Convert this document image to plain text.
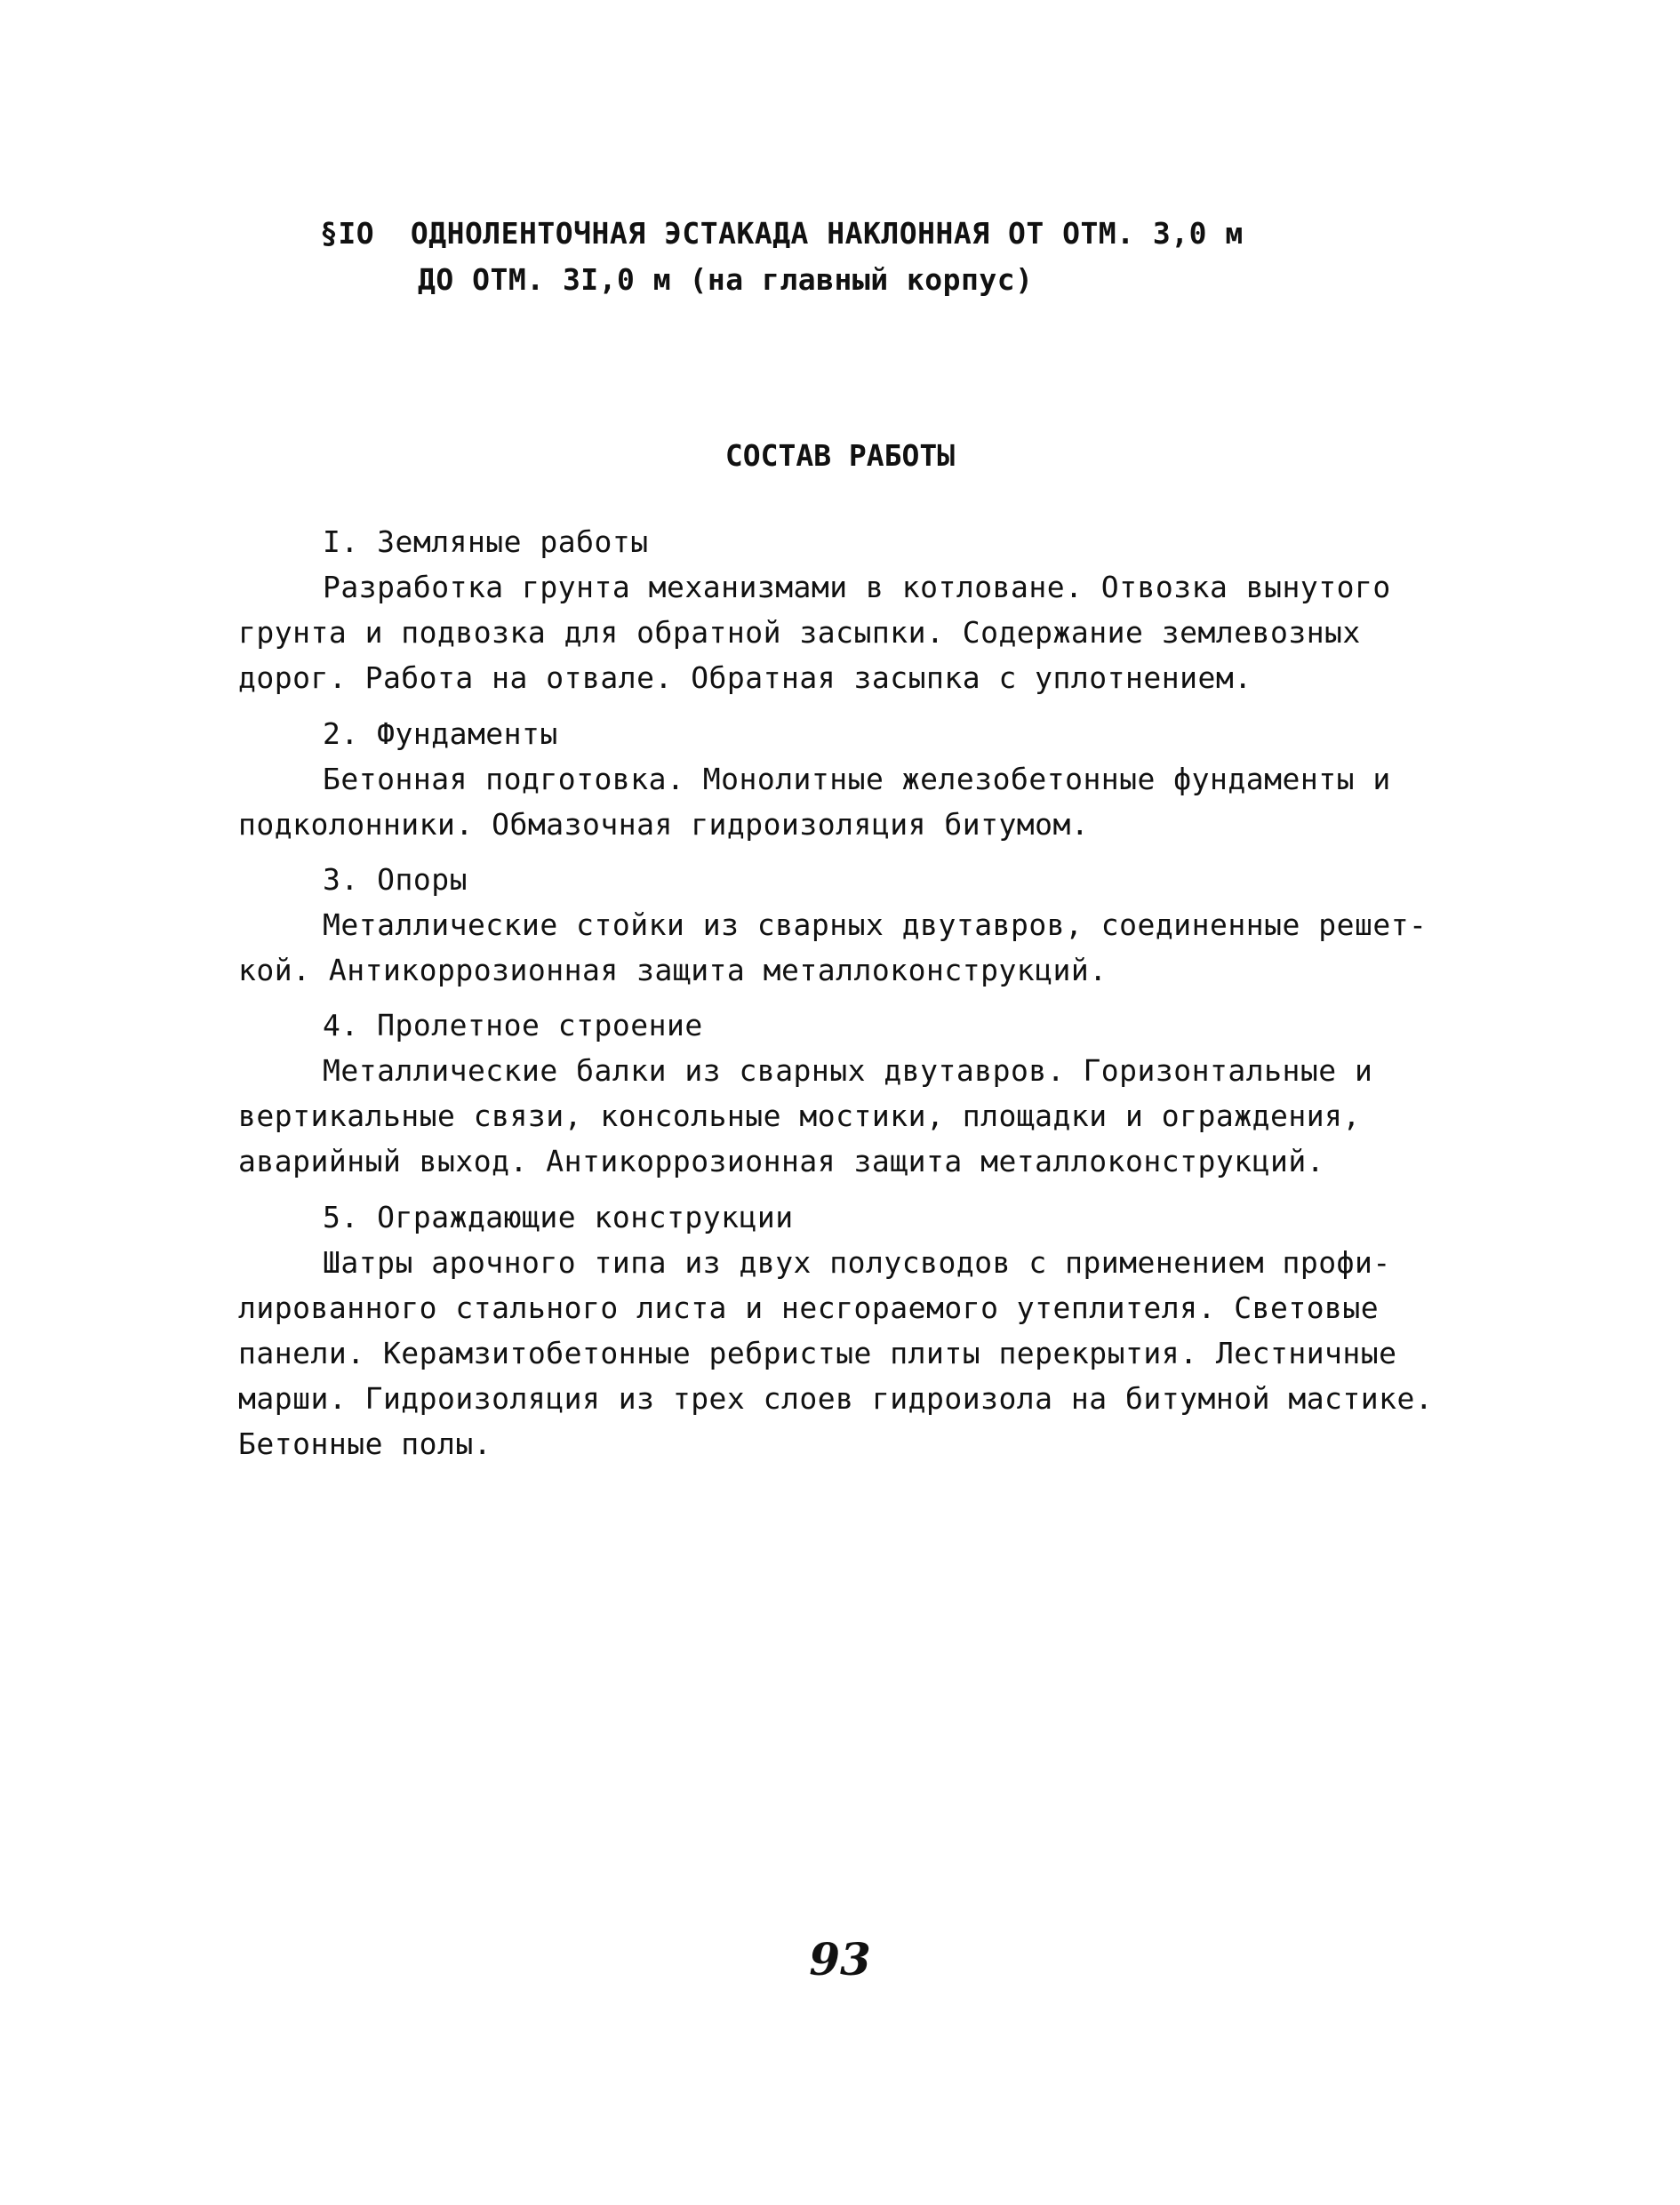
§IO  ОДНОЛЕНТОЧНАЯ ЭСТАКАДА НАКЛОННАЯ ОТ ОТМ. 3,0 м
ДО ОТМ. 3I,0 м (на главный корпус)
СОСТАВ РАБОТЫ
I. Земляные работы
Разработка грунта механизмами в котловане. Отвозка вынутого
грунта и подвозка для обратной засыпки. Содержание землевозных
дорог. Работа на отвале. Обратная засыпка с уплотнением.
2. Фундаменты
Бетонная подготовка. Монолитные железобетонные фундаменты и
подколонники. Обмазочная гидроизоляция битумом.
3. Опоры
Металлические стойки из сварных двутавров, соединенные решет-
кой. Антикоррозионная защита металлоконструкций.
4. Пролетное строение
Металлические балки из сварных двутавров. Горизонтальные и
вертикальные связи, консольные мостики, площадки и ограждения,
аварийный выход. Антикоррозионная защита металлоконструкций.
5. Ограждающие конструкции
Шатры арочного типа из двух полусводов с применением профи-
лированного стального листа и несгораемого утеплителя. Световые
панели. Керамзитобетонные ребристые плиты перекрытия. Лестничные
марши. Гидроизоляция из трех слоев гидроизола на битумной мастике.
Бетонные полы.
93
